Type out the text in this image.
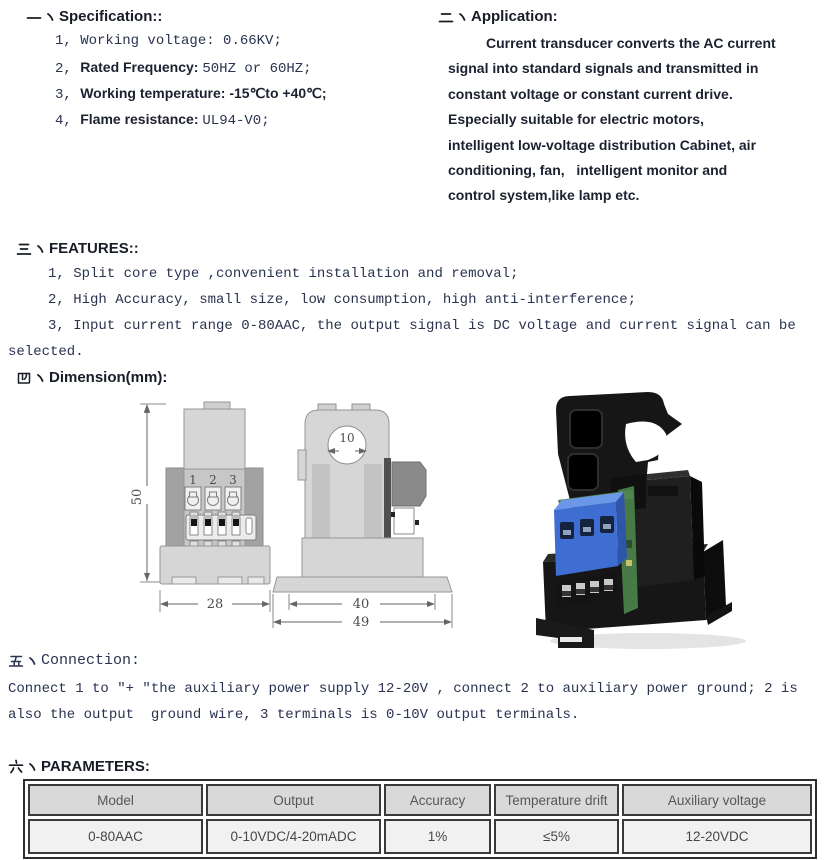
Specification::
1, Working voltage: 0.66KV;
2, Rated Frequency: 50HZ or 60HZ;
3, Working temperature: -15℃to +40℃;
4, Flame resistance: UL94-V0;
Application:
Current transducer converts the AC current
signal into standard signals and transmitted in
constant voltage or constant current drive.
Especially suitable for electric motors,
intelligent low-voltage distribution Cabinet, air
conditioning, fan,   intelligent monitor and
control system,like lamp etc.
FEATURES::
1, Split core type ,convenient installation and removal;
2, High Accuracy, small size, low consumption, high anti-interference;
3, Input current range 0-80AAC, the output signal is DC voltage and current signal can be
selected.
Dimension(mm):
50
1 2 3
28
10
40
49
Connection:
Connect 1 to "+ "the auxiliary power supply 12-20V , connect 2 to auxiliary power ground; 2 is
also the output  ground wire, 3 terminals is 0-10V output terminals.
PARAMETERS:
Model	Output	Accuracy	Temperature drift	Auxiliary voltage
0-80AAC	0-10VDC/4-20mADC	1%	≤5%	12-20VDC
